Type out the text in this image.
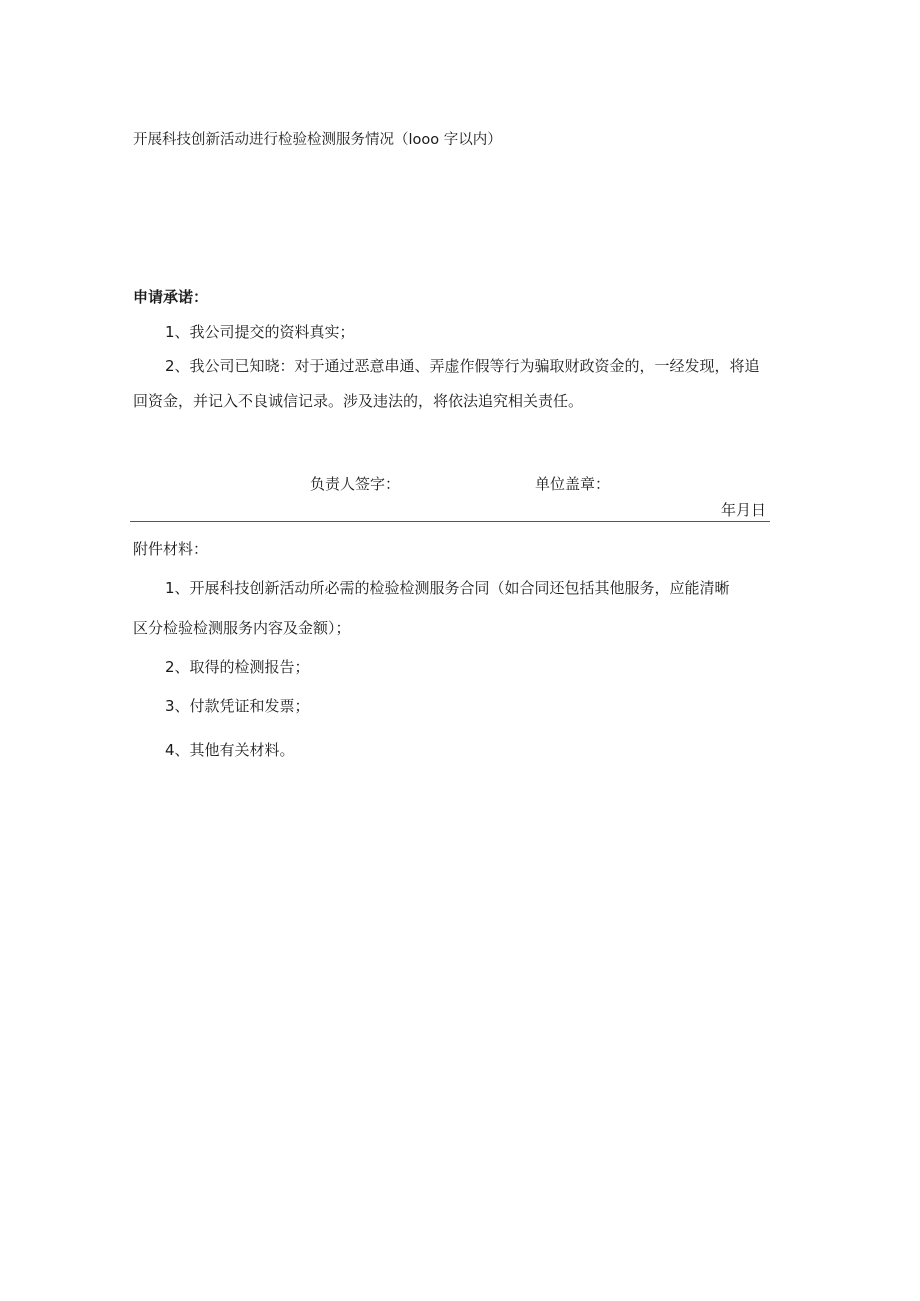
开展科技创新活动进行检验检测服务情况（looo 字以内）

申请承诺：

1、我公司提交的资料真实；

2、我公司已知晓：对于通过恶意串通、弄虚作假等行为骗取财政资金的，一经发现，将追

回资金，并记入不良诚信记录。涉及违法的，将依法追究相关责任。

负责人签字：	单位盖章：

年月日

附件材料：

1、开展科技创新活动所必需的检验检测服务合同（如合同还包括其他服务，应能清晰

区分检验检测服务内容及金额）；

2、取得的检测报告；

3、付款凭证和发票；

4、其他有关材料。
